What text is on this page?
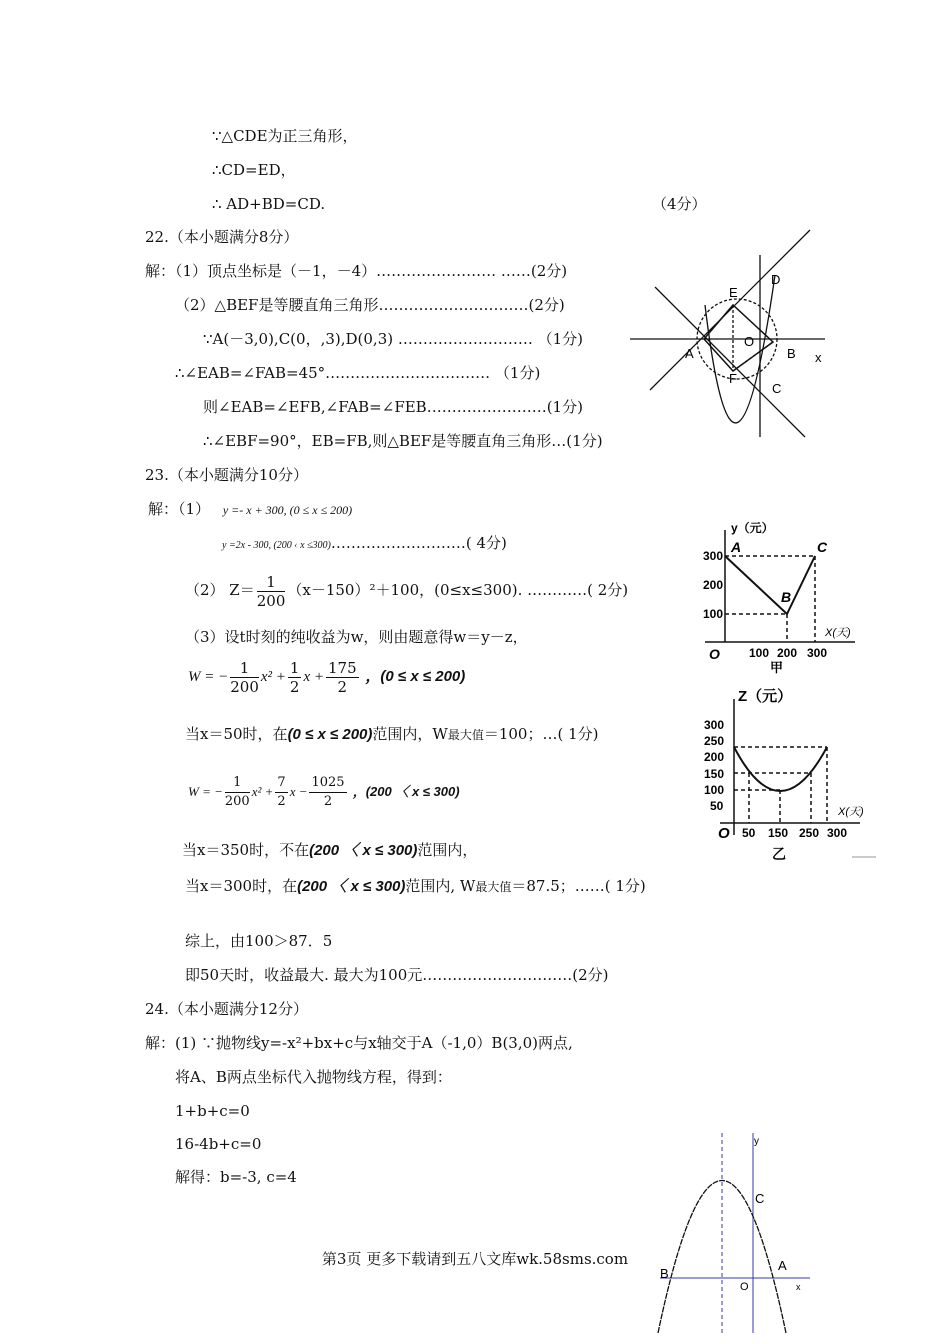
∵△CDE为正三角形，
∴CD=ED，
∴ AD+BD=CD.	（4分）
22.（本小题满分8分）
解：（1）顶点坐标是（－1，－4）…………………… ……(2分)
（2）△BEF是等腰直角三角形…………………………(2分)
∵A(－3,0),C(0，,3),D(0,3) ……………………… （1分)
∴∠EAB=∠FAB=45°…………………………… （1分)
则∠EAB=∠EFB,∠FAB=∠FEB……………………(1分)
∴∠EBF=90°，EB=FB,则△BEF是等腰直角三角形…(1分)
23.（本小题满分10分）
解：（1） y =- x + 300, (0 ≤ x ≤ 200)
y =2x - 300, (200 ‹ x ≤300)………………………( 4分)
（2） $Z= \frac{1}{200} (x-150)^2+100$，(0≤x≤300). …………( 2分)
（3）设t时刻的纯收益为w，则由题意得w＝y－z，
W = − $\frac{1}{200} x^2 + \frac{1}{2}$ $x + \frac{175}{2}$ ，(0 ≤ x ≤ 200)
当x＝50时，在(0 ≤ x ≤ 200)范围内，W最大值＝100；…( 1分)
W = − $\frac{1}{200} x^2 + \frac{7}{2}$ $x - \frac{1025}{2}$ ，(200 〈 x ≤ 300)
当x＝350时，不在(200 〈 x ≤ 300)范围内，
当x＝300时，在(200 〈 x ≤ 300)范围内, W最大值＝87.5；……( 1分)
综上，由100＞87．5
即50天时，收益最大. 最大为100元…………………………(2分)
24.（本小题满分12分）
解：(1) ∵抛物线y=-x²+bx+c与x轴交于A（-1,0）B(3,0)两点,
将A、B两点坐标代入抛物线方程，得到：
1+b+c=0
16-4b+c=0
解得：b=-3, c=4
第3页 更多下载请到五八文库wk.58sms.com
E
D
A
O
B x
F
C
y（元）
X(天)
300
200
100
100 200 300
O
A
B
C
甲
Z（元）
X(天)
300
250
200
150
100
50
50 150 250 300
O
乙
y
C
B
A
O	x
